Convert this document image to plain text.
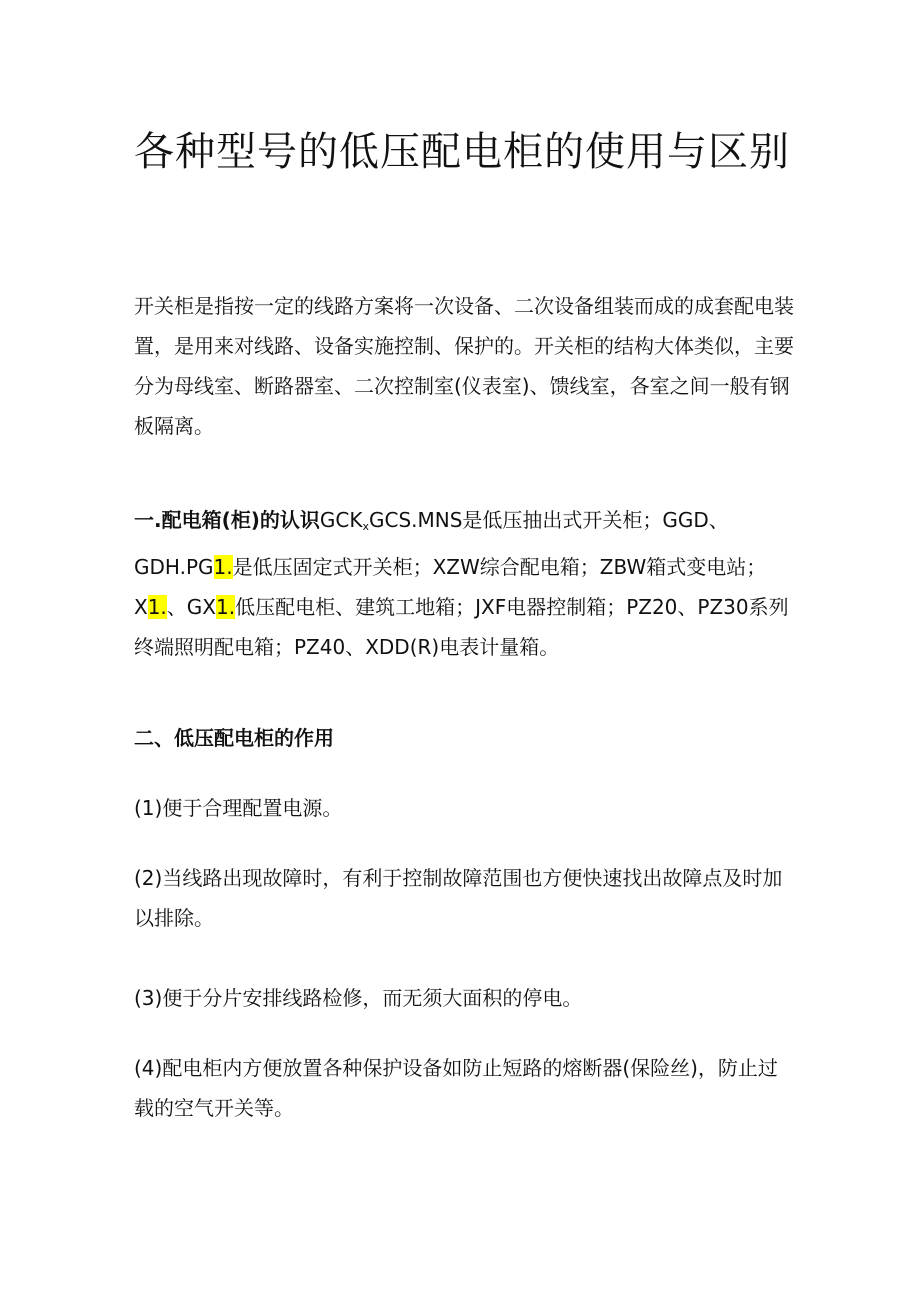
各种型号的低压配电柜的使用与区别

开关柜是指按一定的线路方案将一次设备、二次设备组装而成的成套配电装置，是用来对线路、设备实施控制、保护的。开关柜的结构大体类似，主要分为母线室、断路器室、二次控制室(仪表室)、馈线室，各室之间一般有钢板隔离。

一.配电箱(柜)的认识$GCK_xGCS.MNS$是低压抽出式开关柜；GGD、GDH.PG1.是低压固定式开关柜；XZW综合配电箱；ZBW箱式变电站；X1.、GX1.低压配电柜、建筑工地箱；JXF电器控制箱；PZ20、PZ30系列终端照明配电箱；PZ40、XDD(R)电表计量箱。

二、低压配电柜的作用

(1)便于合理配置电源。

(2)当线路出现故障时，有利于控制故障范围也方便快速找出故障点及时加以排除。

(3)便于分片安排线路检修，而无须大面积的停电。

(4)配电柜内方便放置各种保护设备如防止短路的熔断器(保险丝)，防止过载的空气开关等。
